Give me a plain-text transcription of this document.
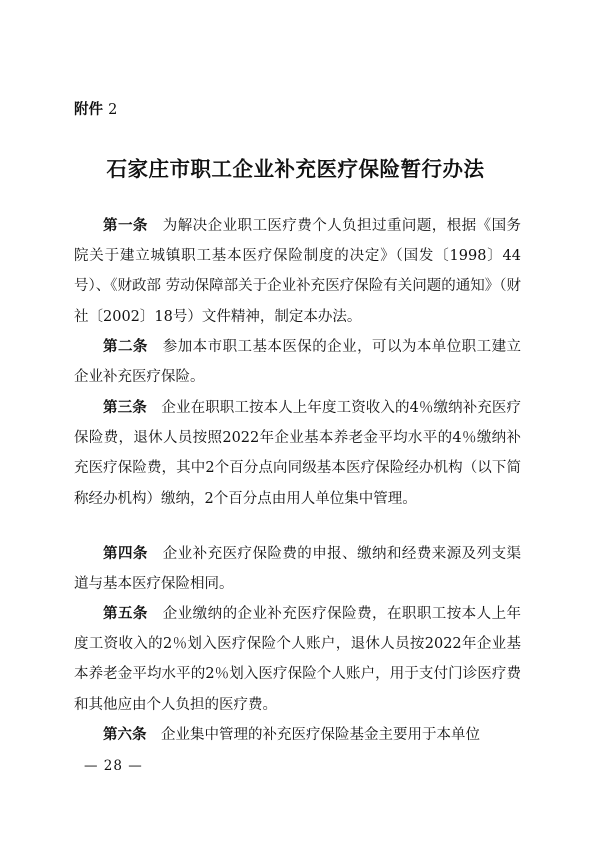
附件 2
石家庄市职工企业补充医疗保险暂行办法

第一条　 为解决企业职工医疗费个人负担过重问题，根据《国务院关于建立城镇职工基本医疗保险制度的决定》（国发〔1998〕44号）、《财政部 劳动保障部关于企业补充医疗保险有关问题的通知》（财社〔2002〕18号）文件精神，制定本办法。

第二条　 参加本市职工基本医保的企业，可以为本单位职工建立企业补充医疗保险。

第三条　 企业在职职工按本人上年度工资收入的4％缴纳补充医疗保险费，退休人员按照2022年企业基本养老金平均水平的4％缴纳补充医疗保险费，其中2个百分点向同级基本医疗保险经办机构（以下简称经办机构）缴纳，2个百分点由用人单位集中管理。

第四条　 企业补充医疗保险费的申报、缴纳和经费来源及列支渠道与基本医疗保险相同。

第五条　 企业缴纳的企业补充医疗保险费，在职职工按本人上年度工资收入的2％划入医疗保险个人账户，退休人员按2022年企业基本养老金平均水平的2％划入医疗保险个人账户，用于支付门诊医疗费和其他应由个人负担的医疗费。

第六条　 企业集中管理的补充医疗保险基金主要用于本单位

— 28 —
